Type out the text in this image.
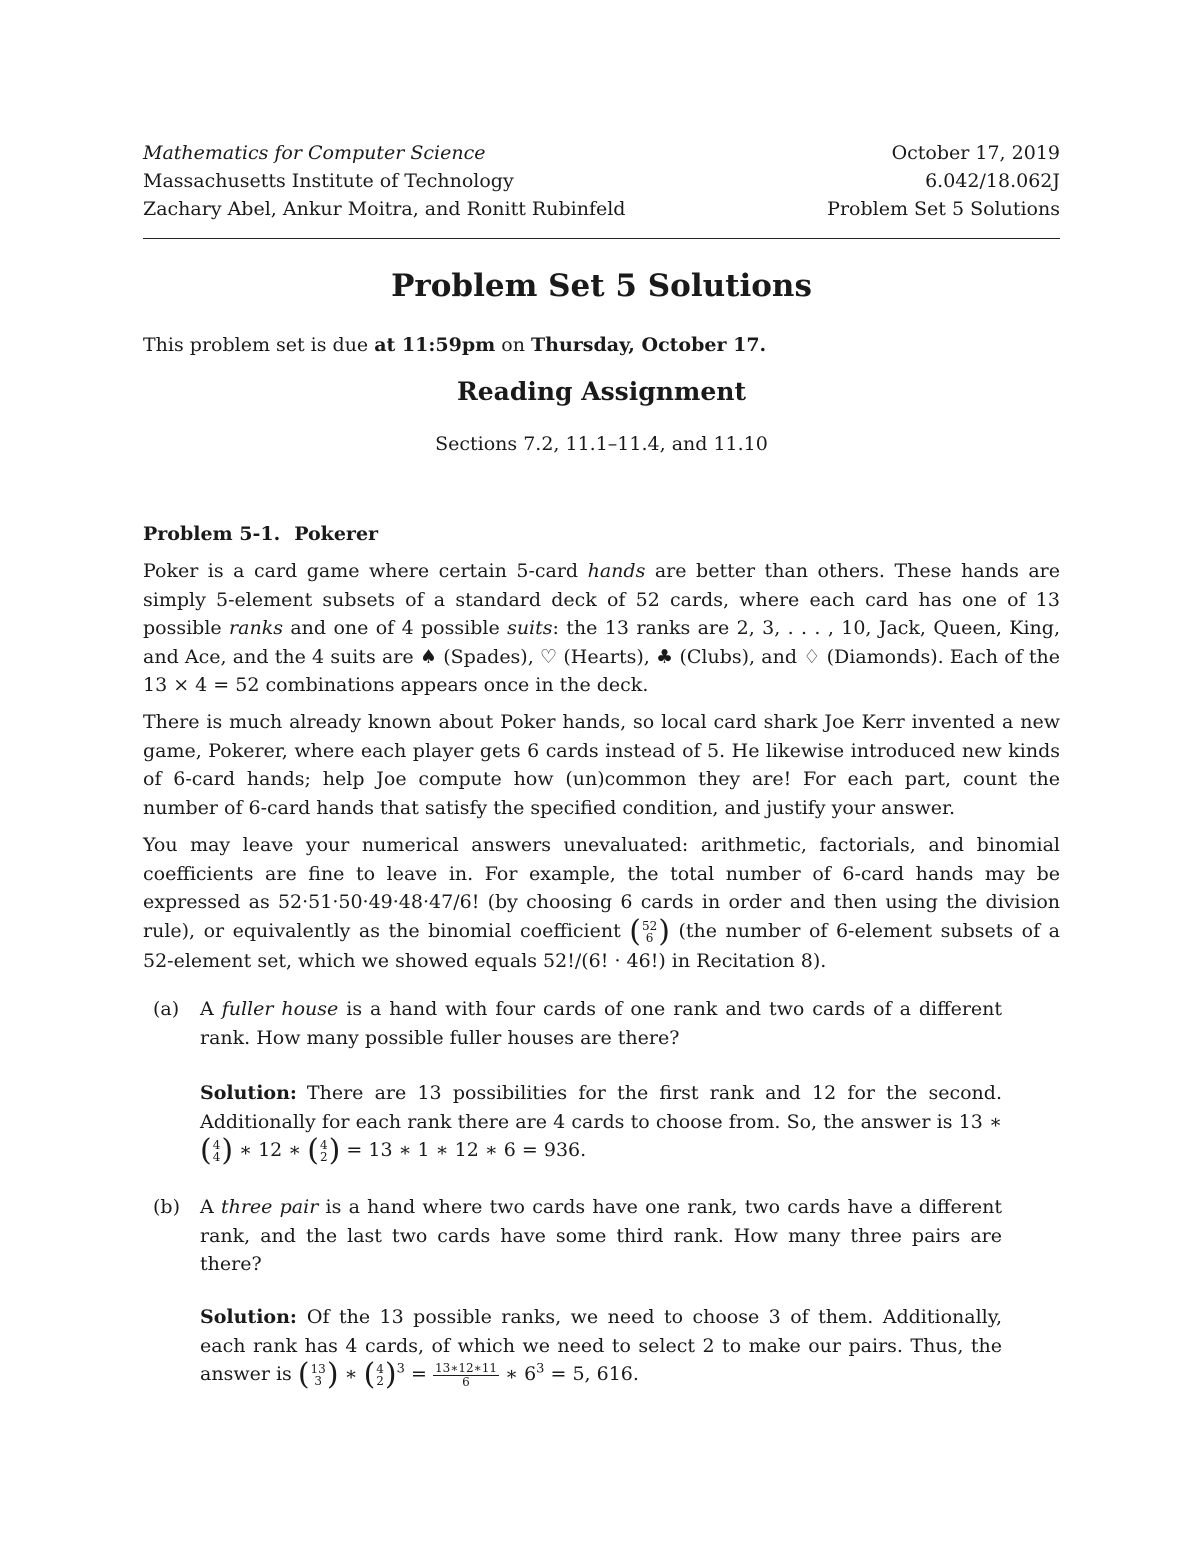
Mathematics for Computer Science	October 17, 2019
Massachusetts Institute of Technology	6.042/18.062J
Zachary Abel, Ankur Moitra, and Ronitt Rubinfeld	Problem Set 5 Solutions
Problem Set 5 Solutions
This problem set is due at 11:59pm on Thursday, October 17.
Reading Assignment
Sections 7.2, 11.1–11.4, and 11.10
Problem 5-1. Pokerer
Poker is a card game where certain 5-card hands are better than others. These hands are simply 5-element subsets of a standard deck of 52 cards, where each card has one of 13 possible ranks and one of 4 possible suits: the 13 ranks are 2, 3, . . . , 10, Jack, Queen, King, and Ace, and the 4 suits are ♠ (Spades), ♡ (Hearts), ♣ (Clubs), and ♢ (Diamonds). Each of the 13 × 4 = 52 combinations appears once in the deck.
There is much already known about Poker hands, so local card shark Joe Kerr invented a new game, Pokerer, where each player gets 6 cards instead of 5. He likewise introduced new kinds of 6-card hands; help Joe compute how (un)common they are! For each part, count the number of 6-card hands that satisfy the specified condition, and justify your answer.
You may leave your numerical answers unevaluated: arithmetic, factorials, and binomial coefficients are fine to leave in. For example, the total number of 6-card hands may be expressed as 52·51·50·49·48·47/6! (by choosing 6 cards in order and then using the division rule), or equivalently as the binomial coefficient ( 52
6 ) (the number of 6-element subsets of a 52-element set, which we showed equals 52!/(6! · 46!) in Recitation 8).
(a) A fuller house is a hand with four cards of one rank and two cards of a different rank. How many possible fuller houses are there?
Solution: There are 13 possibilities for the first rank and 12 for the second. Additionally for each rank there are 4 cards to choose from. So, the answer is 13 ∗
( 4
4 ) ∗ 12 ∗ ( 4
2 ) = 13 ∗ 1 ∗ 12 ∗ 6 = 936.
(b) A three pair is a hand where two cards have one rank, two cards have a different rank, and the last two cards have some third rank. How many three pairs are there?
Solution: Of the 13 possible ranks, we need to choose 3 of them. Additionally, each rank has 4 cards, of which we need to select 2 to make our pairs. Thus, the answer is ( 13
3 ) ∗ ( 4
2 ) $^3 = \frac{13∗12∗11}{6}$ ∗ $6^3 = 5$, 616.
